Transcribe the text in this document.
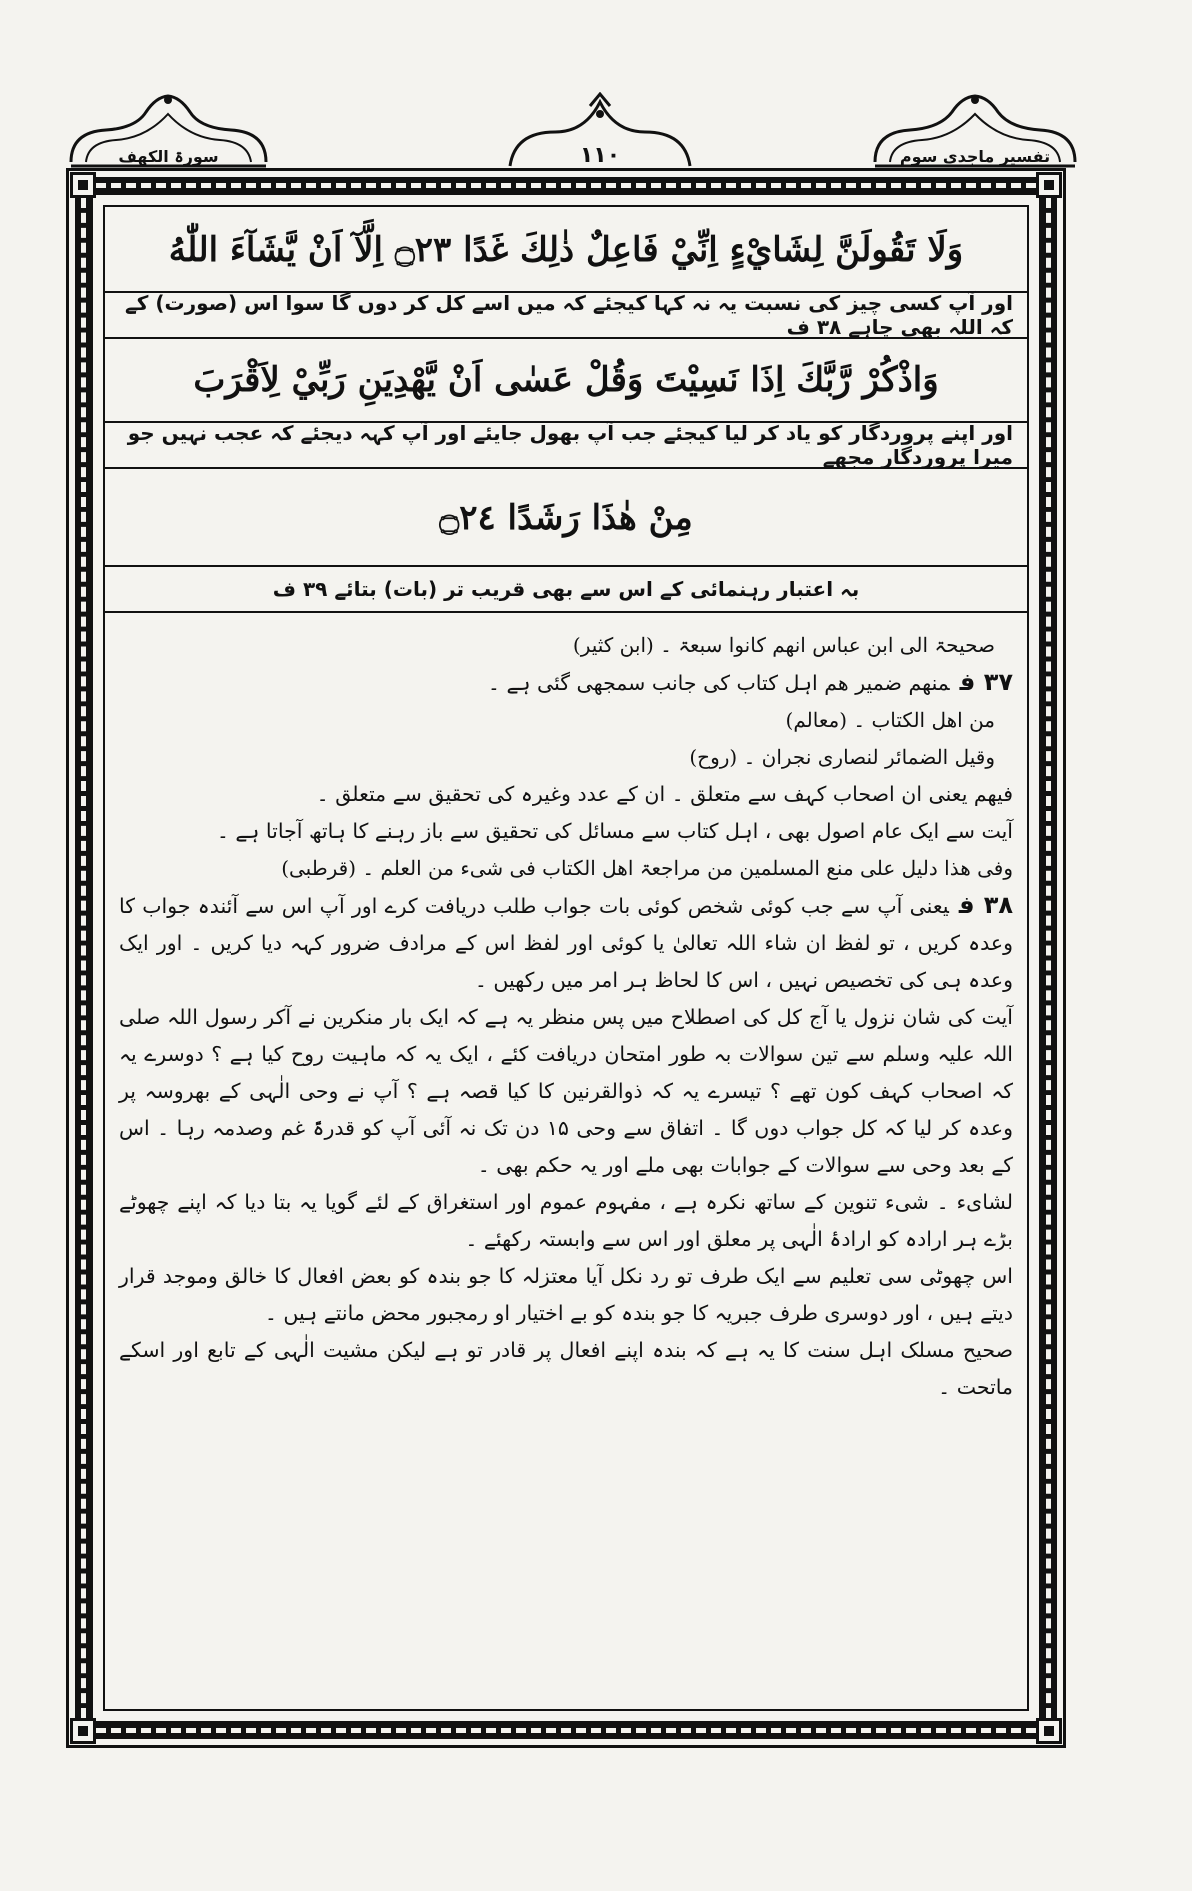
سورۃ الکھف	۱۱۰	تفسیر ماجدی سوم
وَلَا تَقُولَنَّ لِشَايْءٍ اِنِّيْ فَاعِلٌ ذٰلِكَ غَدًا ۝٢٣ اِلَّآ اَنْ يَّشَآءَ اللّٰهُ
اور آپ کسی چیز کی نسبت یہ نہ کہا کیجئے کہ میں اسے کل کر دوں گا سوا اس (صورت) کے کہ اللہ بھی چاہے ۳۸ ف
وَاذْكُرْ رَّبَّكَ اِذَا نَسِيْتَ وَقُلْ عَسٰى اَنْ يَّهْدِيَنِ رَبِّيْ لِاَقْرَبَ
اور اپنے پروردگار کو یاد کر لیا کیجئے جب آپ بھول جایئے اور آپ کہہ دیجئے کہ عجب نہیں جو میرا پروردگار مجھے
مِنْ هٰذَا رَشَدًا ۝٢٤
بہ اعتبار رہنمائی کے اس سے بھی قریب تر (بات) بتائے ۳۹ ف

صحیحۃ الی ابن عباس انھم کانوا سبعۃ ۔ (ابن کثیر)

۳۷ فمنھم ضمیر ھم اہل کتاب کی جانب سمجھی گئی ہے ۔

من اھل الکتاب ۔ (معالم)

وقیل الضمائر لنصاری نجران ۔ (روح)

فیھم یعنی ان اصحاب کہف سے متعلق ۔ ان کے عدد وغیرہ کی تحقیق سے متعلق ۔

آیت سے ایک عام اصول بھی ، اہل کتاب سے مسائل کی تحقیق سے باز رہنے کا ہاتھ آجاتا ہے ۔

وفی ھذا دلیل علی منع المسلمین من مراجعۃ اھل الکتاب فی شیء من العلم ۔ (قرطبی)

۳۸ فیعنی آپ سے جب کوئی شخص کوئی بات جواب طلب دریافت کرے اور آپ اس سے آئندہ جواب کا وعدہ کریں ، تو لفظ ان شاء اللہ تعالیٰ یا کوئی اور لفظ اس کے مرادف ضرور کہہ دیا کریں ۔ اور ایک وعدہ ہی کی تخصیص نہیں ، اس کا لحاظ ہر امر میں رکھیں ۔

آیت کی شان نزول یا آج کل کی اصطلاح میں پس منظر یہ ہے کہ ایک بار منکرین نے آکر رسول اللہ صلی اللہ علیہ وسلم سے تین سوالات بہ طور امتحان دریافت کئے ، ایک یہ کہ ماہیت روح کیا ہے ؟ دوسرے یہ کہ اصحاب کہف کون تھے ؟ تیسرے یہ کہ ذوالقرنین کا کیا قصہ ہے ؟ آپ نے وحی الٰہی کے بھروسہ پر وعدہ کر لیا کہ کل جواب دوں گا ۔ اتفاق سے وحی ۱۵ دن تک نہ آئی آپ کو قدرۃً غم وصدمہ رہا ۔ اس کے بعد وحی سے سوالات کے جوابات بھی ملے اور یہ حکم بھی ۔

لشایء ۔ شیء تنوین کے ساتھ نکرہ ہے ، مفہوم عموم اور استغراق کے لئے گویا یہ بتا دیا کہ اپنے چھوٹے بڑے ہر ارادہ کو ارادۂ الٰہی پر معلق اور اس سے وابستہ رکھئے ۔

اس چھوٹی سی تعلیم سے ایک طرف تو رد نکل آیا معتزلہ کا جو بندہ کو بعض افعال کا خالق وموجد قرار دیتے ہیں ، اور دوسری طرف جبریہ کا جو بندہ کو بے اختیار او رمجبور محض مانتے ہیں ۔

صحیح مسلک اہل سنت کا یہ ہے کہ بندہ اپنے افعال پر قادر تو ہے لیکن مشیت الٰہی کے تابع اور اسکے ماتحت ۔
